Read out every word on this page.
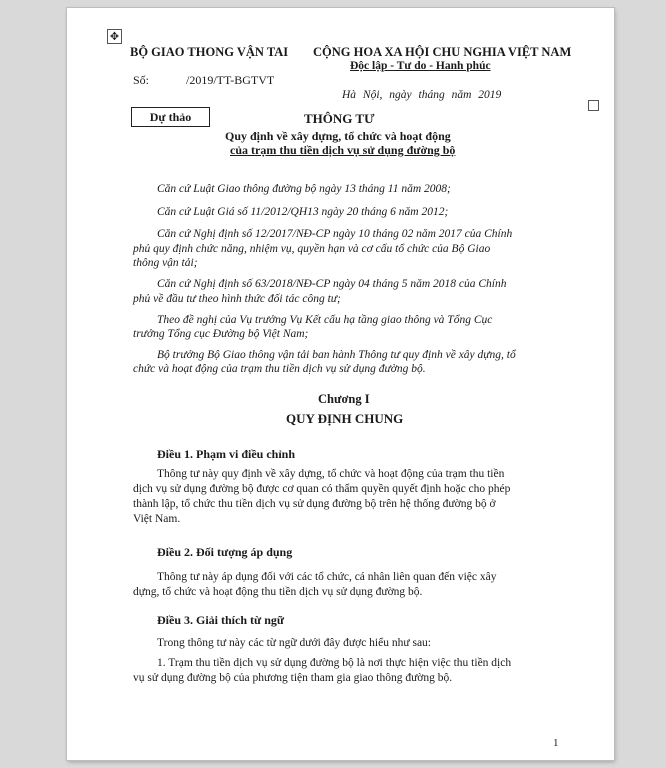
✥
BỘ GIAO THONG VẬN TAI CỘNG HOA XA HỘI CHU NGHIA VIỆT NAM
Độc lập - Tư do - Hanh phúc
Số:	/2019/TT-BGTVT
Hà Nội, ngày tháng năm 2019
Dự thảo	THÔNG TƯ
Quy định về xây dựng, tổ chức và hoạt động
của trạm thu tiền dịch vụ sử dụng đường bộ
Căn cứ Luật Giao thông đường bộ ngày 13 tháng 11 năm 2008;
Căn cứ Luật Giá số 11/2012/QH13 ngày 20 tháng 6 năm 2012;
Căn cứ Nghị định số 12/2017/NĐ-CP ngày 10 tháng 02 năm 2017 của Chính
phủ quy định chức năng, nhiệm vụ, quyền hạn và cơ cấu tổ chức của Bộ Giao
thông vận tải;
Căn cứ Nghị định số 63/2018/NĐ-CP ngày 04 tháng 5 năm 2018 của Chính
phủ về đầu tư theo hình thức đối tác công tư;
Theo đề nghị của Vụ trưởng Vụ Kết cấu hạ tầng giao thông và Tổng Cục
trưởng Tổng cục Đường bộ Việt Nam;
Bộ trưởng Bộ Giao thông vận tải ban hành Thông tư quy định về xây dựng, tổ
chức và hoạt động của trạm thu tiền dịch vụ sử dụng đường bộ.
Chương I
QUY ĐỊNH CHUNG
Điều 1. Phạm vi điều chỉnh
Thông tư này quy định về xây dựng, tổ chức và hoạt động của trạm thu tiền
dịch vụ sử dụng đường bộ được cơ quan có thẩm quyền quyết định hoặc cho phép
thành lập, tổ chức thu tiền dịch vụ sử dụng đường bộ trên hệ thống đường bộ ở
Việt Nam.
Điều 2. Đối tượng áp dụng
Thông tư này áp dụng đối với các tổ chức, cá nhân liên quan đến việc xây
dựng, tổ chức và hoạt động thu tiền dịch vụ sử dụng đường bộ.
Điều 3. Giải thích từ ngữ
Trong thông tư này các từ ngữ dưới đây được hiểu như sau:
1. Trạm thu tiền dịch vụ sử dụng đường bộ là nơi thực hiện việc thu tiền dịch
vụ sử dụng đường bộ của phương tiện tham gia giao thông đường bộ.
1
